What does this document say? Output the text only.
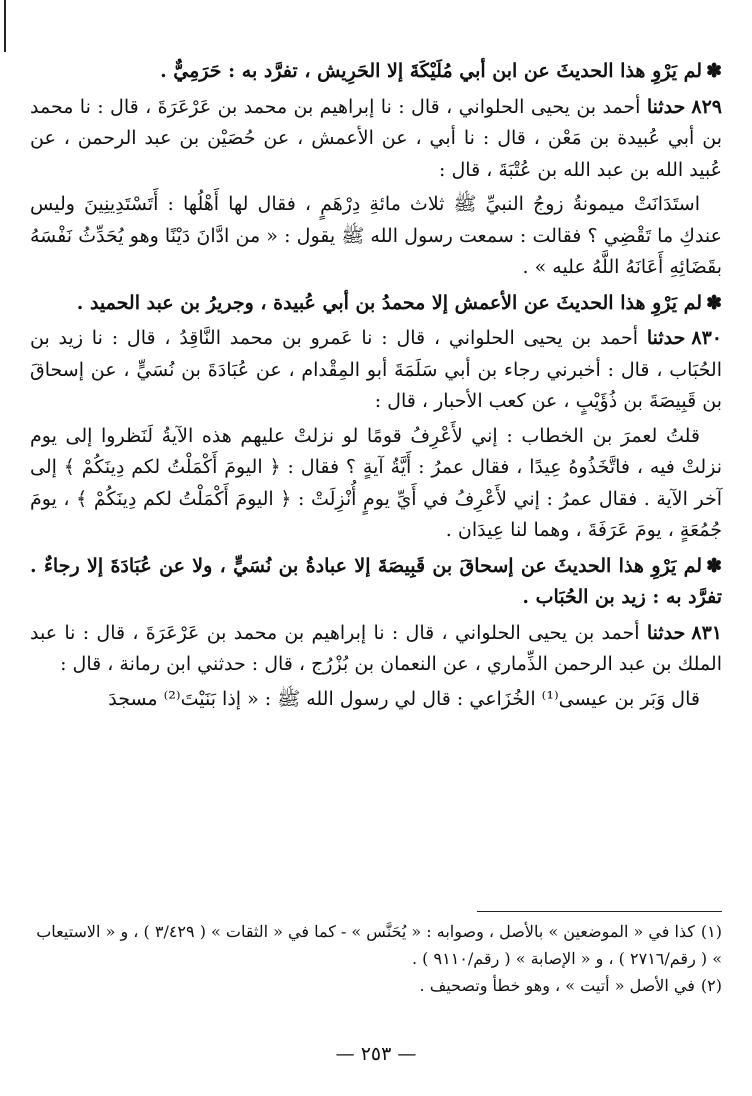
✽لم يَرْوِ هذا الحديثَ عن ابن أبي مُلَيْكَةَ إلا الحَرِيش ، تفرَّد به : حَرَمِيٌّ .

٨٢٩حدثنا أحمد بن يحيى الحلواني ، قال : نا إبراهيم بن محمد بن عَرْعَرَةَ ، قال : نا محمد بن أبي عُبيدة بن مَعْن ، قال : نا أبي ، عن الأعمش ، عن حُصَيْن بن عبد الرحمن ، عن عُبيد الله بن عبد الله بن عُتْبَةَ ، قال :

استَدَانَتْ ميمونةُ زوجُ النبيِّ ﷺ ثلاث مائةِ دِرْهَمٍ ، فقال لها أَهْلُها : أَتَسْتَدِينِينَ وليس عندكِ ما تَقْضِي ؟ فقالت : سمعت رسول الله ﷺ يقول : « من ادَّانَ دَيْنًا وهو يُحَدِّثُ نَفْسَهُ بقَضَائِهِ أَعَانَهُ اللَّهُ عليه » .

✽لم يَرْوِ هذا الحديثَ عن الأعمش إلا محمدُ بن أبي عُبيدة ، وجريرُ بن عبد الحميد .

٨٣٠حدثنا أحمد بن يحيى الحلواني ، قال : نا عَمرو بن محمد النَّاقِدُ ، قال : نا زيد بن الحُبَاب ، قال : أخبرني رجاء بن أبي سَلَمَةَ أبو المِقْدام ، عن عُبَادَةَ بن نُسَيٍّ ، عن إسحاقَ بن قَبِيصَةَ بن ذُؤَيْبٍ ، عن كعب الأحبار ، قال :

قلتُ لعمرَ بن الخطاب : إني لأَعْرِفُ قومًا لو نزلتْ عليهم هذه الآيةُ لَنَظروا إلى يوم نزلتْ فيه ، فاتَّخَذُوهُ عِيدًا ، فقال عمرُ : أَيَّةُ آيةٍ ؟ فقال : ﴿ اليومَ أَكْمَلْتُ لكم دِينَكُمْ ﴾ إلى آخر الآية . فقال عمرُ : إني لأَعْرِفُ في أَيِّ يومٍ أُنْزِلَتْ : ﴿ اليومَ أَكْمَلْتُ لكم دِينَكُمْ ﴾ ، يومَ جُمُعَةٍ ، يومَ عَرَفَةَ ، وهما لنا عِيدَان .

✽لم يَرْوِ هذا الحديثَ عن إسحاقَ بن قَبِيصَةَ إلا عبادةُ بن نُسَيٍّ ، ولا عن عُبَادَةَ إلا رجاءٌ . تفرَّد به : زيد بن الحُبَاب .

٨٣١حدثنا أحمد بن يحيى الحلواني ، قال : نا إبراهيم بن محمد بن عَرْعَرَةَ ، قال : نا عبد الملك بن عبد الرحمن الذِّماري ، عن النعمان بن بُزْرُج ، قال : حدثني ابن رمانة ، قال :

قال وَبَر بن عيسى⁽¹⁾ الخُزَاعي : قال لي رسول الله ﷺ : « إذا بَنَيْتَ⁽²⁾ مسجدَ

(١)كذا في « الموضعين » بالأصل ، وصوابه : « يُحَنَّس » - كما في « الثقات » ( ٣/٤٢٩ ) ، و « الاستيعاب » ( رقم/٢٧١٦ ) ، و « الإصابة » ( رقم/٩١١٠ ) .

(٢)في الأصل « أتيت » ، وهو خطأ وتصحيف .

— ٢٥٣ —
